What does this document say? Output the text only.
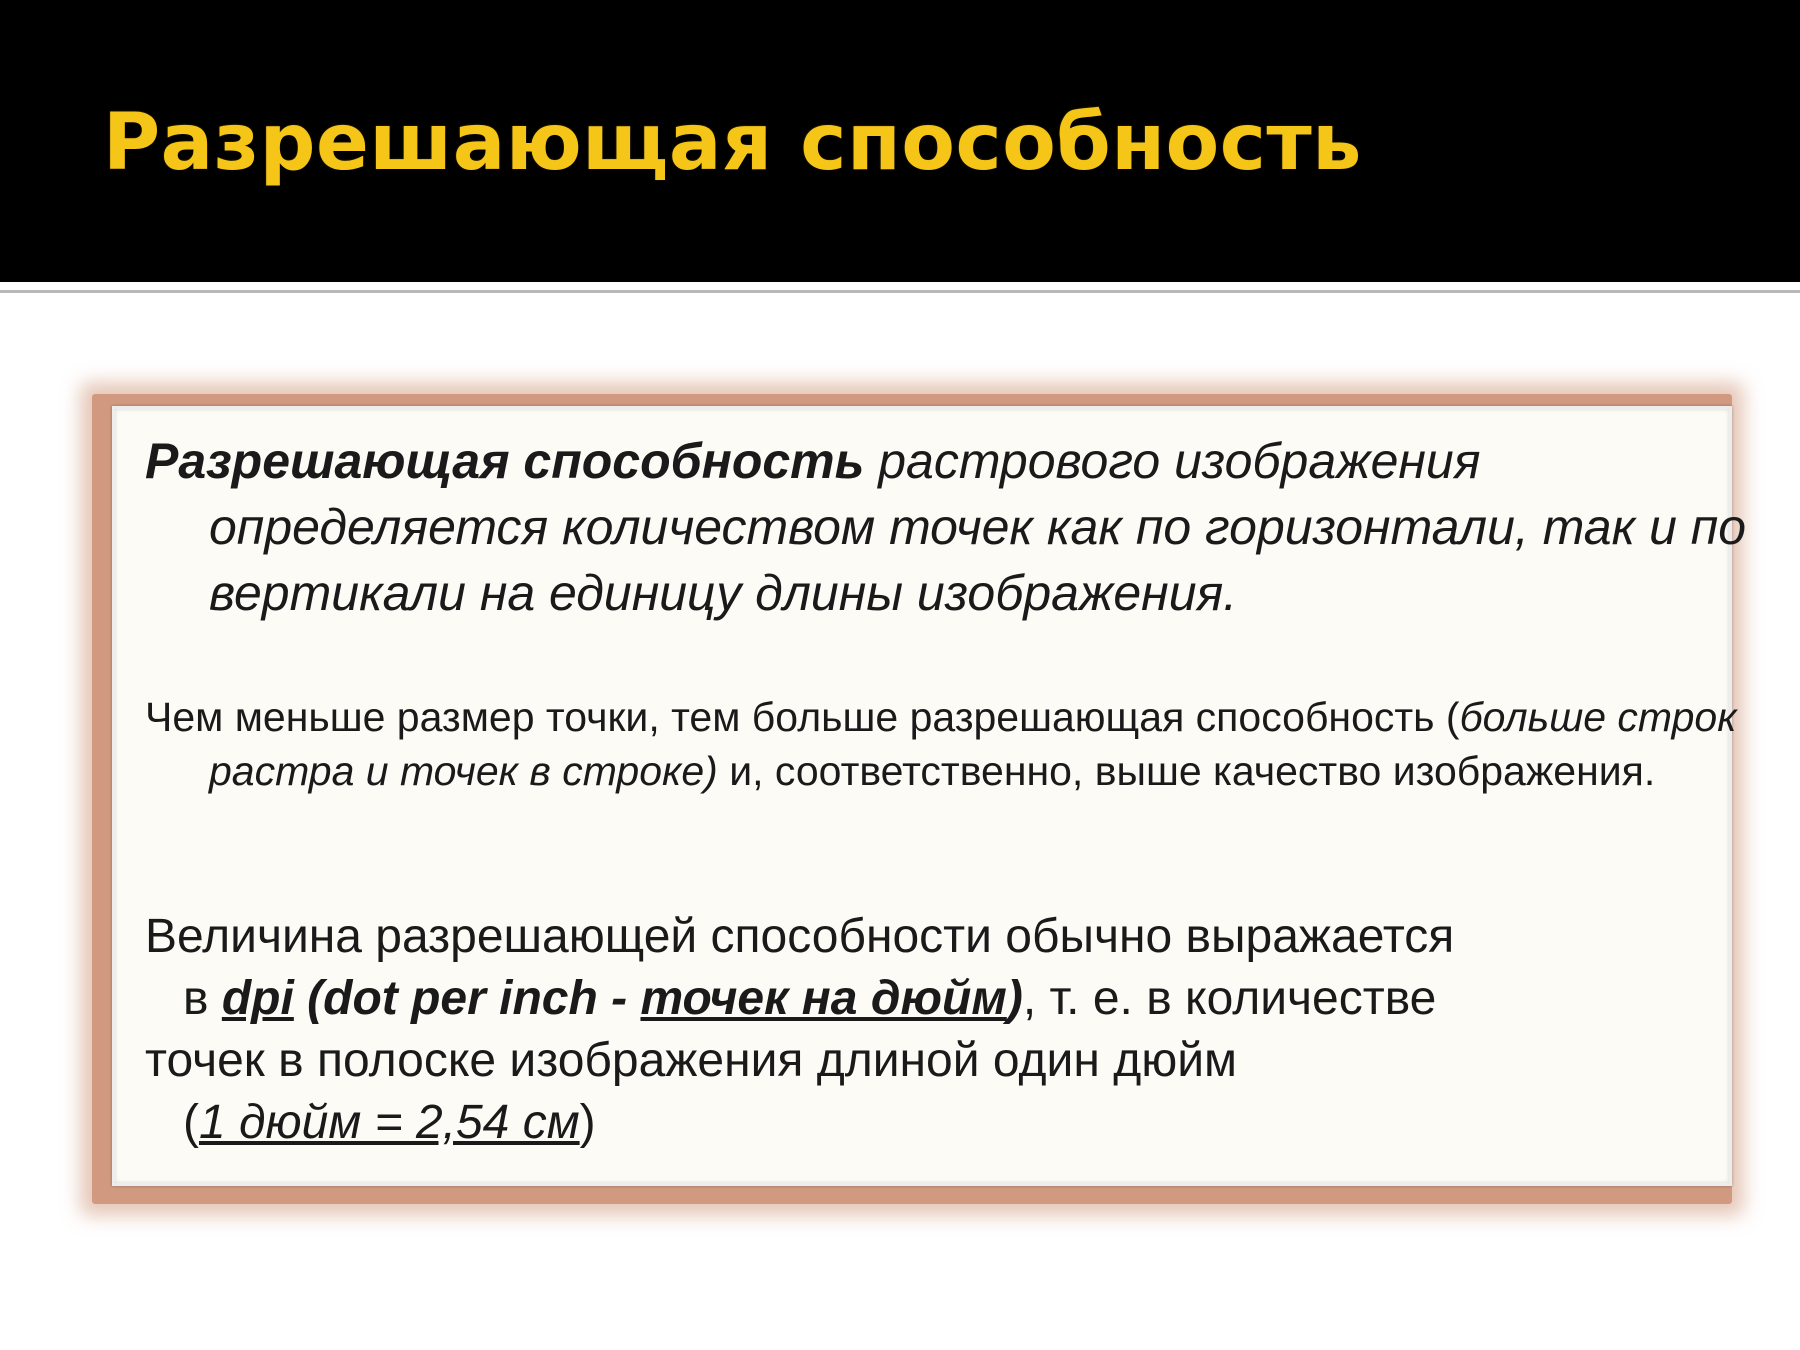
Разрешающая способность

Разрешающая способность растрового изображения определяется количеством точек как по горизонтали, так и по вертикали на единицу длины изображения.

Чем меньше размер точки, тем больше разрешающая способность (больше строк растра и точек в строке) и, соответственно, выше качество изображения.

Величина разрешающей способности обычно выражается
в dpi (dot per inch - точек на дюйм), т. е. в количестве
точек в полоске изображения длиной один дюйм
(1 дюйм = 2,54 см)
